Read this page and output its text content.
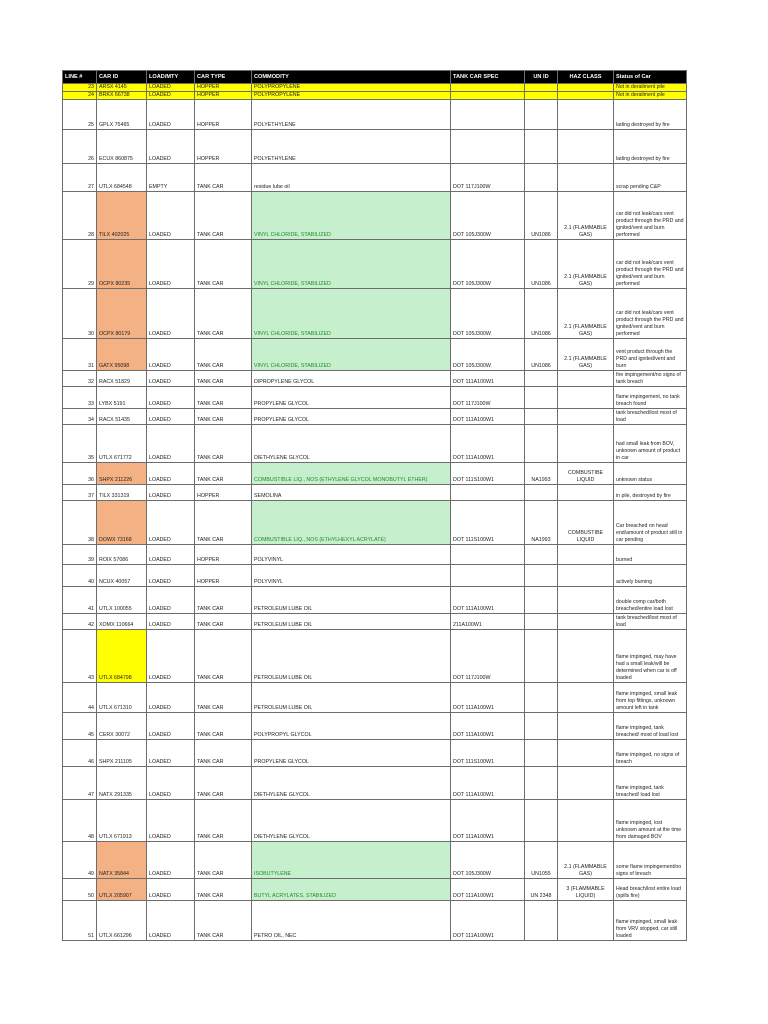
LINE #	CAR ID	LOAD/MTY	CAR TYPE	COMMODITY	TANK CAR SPEC	UN ID	HAZ CLASS	Status of Car
23	ARSX 4145	LOADED	HOPPER	POLYPROPYLENE				Not in derailment pile
24	BRKX 66738	LOADED	HOPPER	POLYPROPYLENE				Not in derailment pile
25	GPLX 75465	LOADED	HOPPER	POLYETHYLENE				lading destroyed by fire
26	ECUX 860875	LOADED	HOPPER	POLYETHYLENE				lading destroyed by fire
27	UTLX 684548	EMPTY	TANK CAR	residue lube oil	DOT 117J100W			scrap pending C&P
28	TILX 402025	LOADED	TANK CAR	VINYL CHLORIDE, STABILIZED	DOT 105J300W	UN1086	2.1 (FLAMMABLE GAS)	car did not leak/cars vent product through the PRD and ignited/vent and burn performed
29	OCPX 80235	LOADED	TANK CAR	VINYL CHLORIDE, STABILIZED	DOT 105J300W	UN1086	2.1 (FLAMMABLE GAS)	car did not leak/cars vent product through the PRD and ignited/vent and burn performed
30	OCPX 80179	LOADED	TANK CAR	VINYL CHLORIDE, STABILIZED	DOT 105J300W	UN1086	2.1 (FLAMMABLE GAS)	car did not leak/cars vent product through the PRD and ignited/vent and burn performed
31	GATX 95098	LOADED	TANK CAR	VINYL CHLORIDE, STABILIZED	DOT 105J300W	UN1086	2.1 (FLAMMABLE GAS)	vent product through the PRD and ignited/vent and burn
32	RACX 51829	LOADED	TANK CAR	DIPROPYLENE GLYCOL	DOT 111A100W1			fire impingement/no signs of tank breach
33	LYBX 5191	LOADED	TANK CAR	PROPYLENE GLYCOL	DOT 117J100W			flame impingement, no tank breach found
34	RACX 51435	LOADED	TANK CAR	PROPYLENE GLYCOL	DOT 111A100W1			tank breached/lost most of load
35	UTLX 671772	LOADED	TANK CAR	DIETHYLENE GLYCOL	DOT 111A100W1			had small leak from BOV, unknown amount of product in car
36	SHPX 211226	LOADED	TANK CAR	COMBUSTIBLE LIQ., NOS (ETHYLENE GLYCOL MONOBUTYL ETHER)	DOT 111S100W1	NA1993	COMBUSTIBE LIQUID	unknown status
37	TILX 331319	LOADED	HOPPER	SEMOLINA				in pile, destroyed by fire
38	DOWX 73168	LOADED	TANK CAR	COMBUSTIBLE LIQ., NOS (ETHYLHEXYL ACRYLATE)	DOT 111S100W1	NA1993	COMBUSTIBE LIQUID	Car breached on head end/amount of product still in car pending
39	ROIX 57086	LOADED	HOPPER	POLYVINYL				burned
40	NCUX 40057	LOADED	HOPPER	POLYVINYL				actively burning
41	UTLX 100055	LOADED	TANK CAR	PETROLEUM LUBE OIL	DOT 111A100W1			double comp car/both breached/entire load lost
42	XOMX 110664	LOADED	TANK CAR	PETROLEUM LUBE OIL	211A100W1			tank breached/lost most of load
43	UTLX 684798	LOADED	TANK CAR	PETROLEUM LUBE OIL	DOT 117J100W			flame impinged, may have had a small leak/will be determined when car is off loaded
44	UTLX 671310	LOADED	TANK CAR	PETROLEUM LUBE OIL	DOT 111A100W1			flame impinged, small leak from top fittings, unknown amount left in tank
45	CERX 30072	LOADED	TANK CAR	POLYPROPYL GLYCOL	DOT 111A100W1			flame impinged, tank breached/ most of load lost
46	SHPX 211105	LOADED	TANK CAR	PROPYLENE GLYCOL	DOT 111S100W1			flame impinged, no signs of breach
47	NATX 291335	LOADED	TANK CAR	DIETHYLENE GLYCOL	DOT 111A100W1			flame impinged, tank breached/ load lost
48	UTLX 671913	LOADED	TANK CAR	DIETHYLENE GLYCOL	DOT 111A100W1			flame impinged, lost unknown amount at the time from damaged BOV
49	NATX 35844	LOADED	TANK CAR	ISOBUTYLENE	DOT 105J300W	UN1055	2.1 (FLAMMABLE GAS)	some flame impingement/no signs of breach
50	UTLX 205907	LOADED	TANK CAR	BUTYL ACRYLATES, STABILIZED	DOT 111A100W1	UN 2348	3 (FLAMMABLE LIQUID)	Head breach/lost entire load (spills fire)
51	UTLX 661296	LOADED	TANK CAR	PETRO OIL, NEC	DOT 111A100W1			flame impinged, small leak from VRV stopped, car still loaded
